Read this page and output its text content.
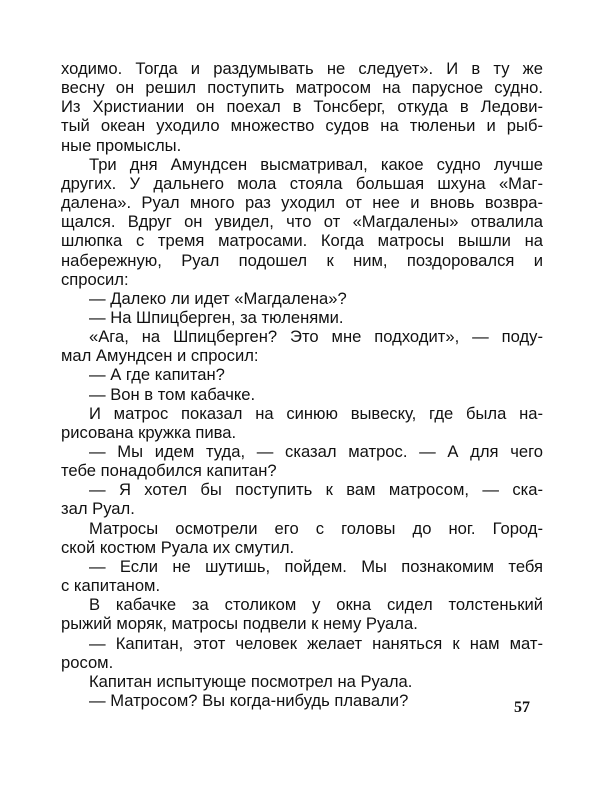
ходимо. Тогда и раздумывать не следует». И в ту же
весну он решил поступить матросом на парусное судно.
Из Христиании он поехал в Тонсберг, откуда в Ледови-
тый океан уходило множество судов на тюленьи и рыб-
ные промыслы.
Три дня Амундсен высматривал, какое судно лучше
других. У дальнего мола стояла большая шхуна «Маг-
далена». Руал много раз уходил от нее и вновь возвра-
щался. Вдруг он увидел, что от «Магдалены» отвалила
шлюпка с тремя матросами. Когда матросы вышли на
набережную, Руал подошел к ним, поздоровался и
спросил:
— Далеко ли идет «Магдалена»?
— На Шпицберген, за тюленями.
«Ага, на Шпицберген? Это мне подходит», — поду-
мал Амундсен и спросил:
— А где капитан?
— Вон в том кабачке.
И матрос показал на синюю вывеску, где была на-
рисована кружка пива.
— Мы идем туда, — сказал матрос. — А для чего
тебе понадобился капитан?
— Я хотел бы поступить к вам матросом, — ска-
зал Руал.
Матросы осмотрели его с головы до ног. Город-
ской костюм Руала их смутил.
— Если не шутишь, пойдем. Мы познакомим тебя
с капитаном.
В кабачке за столиком у окна сидел толстенький
рыжий моряк, матросы подвели к нему Руала.
— Капитан, этот человек желает наняться к нам мат-
росом.
Капитан испытующе посмотрел на Руала.
— Матросом? Вы когда-нибудь плавали?	57
